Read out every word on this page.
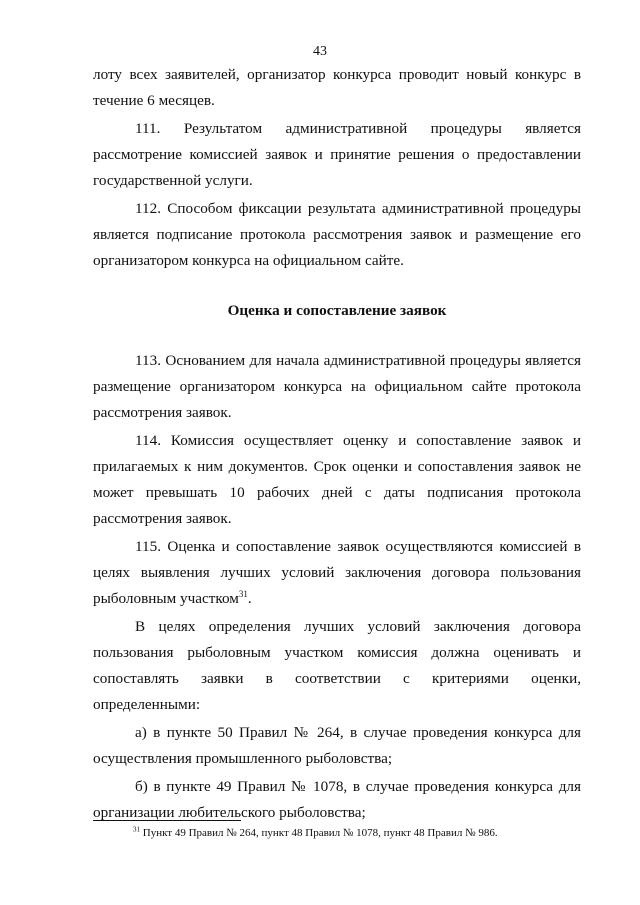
43

лоту всех заявителей, организатор конкурса проводит новый конкурс в течение 6 месяцев.

111. Результатом административной процедуры является рассмотрение комиссией заявок и принятие решения о предоставлении государственной услуги.

112. Способом фиксации результата административной процедуры является подписание протокола рассмотрения заявок и размещение его организатором конкурса на официальном сайте.

Оценка и сопоставление заявок

113. Основанием для начала административной процедуры является размещение организатором конкурса на официальном сайте протокола рассмотрения заявок.

114. Комиссия осуществляет оценку и сопоставление заявок и прилагаемых к ним документов. Срок оценки и сопоставления заявок не может превышать 10 рабочих дней с даты подписания протокола рассмотрения заявок.

115. Оценка и сопоставление заявок осуществляются комиссией в целях выявления лучших условий заключения договора пользования рыболовным участком$^{31}$.

В целях определения лучших условий заключения договора пользования рыболовным участком комиссия должна оценивать и сопоставлять заявки в соответствии с критериями оценки, определенными:

а) в пункте 50 Правил № 264, в случае проведения конкурса для осуществления промышленного рыболовства;

б) в пункте 49 Правил № 1078, в случае проведения конкурса для организации любительского рыболовства;

$^{31}$ Пункт 49 Правил № 264, пункт 48 Правил № 1078, пункт 48 Правил № 986.
